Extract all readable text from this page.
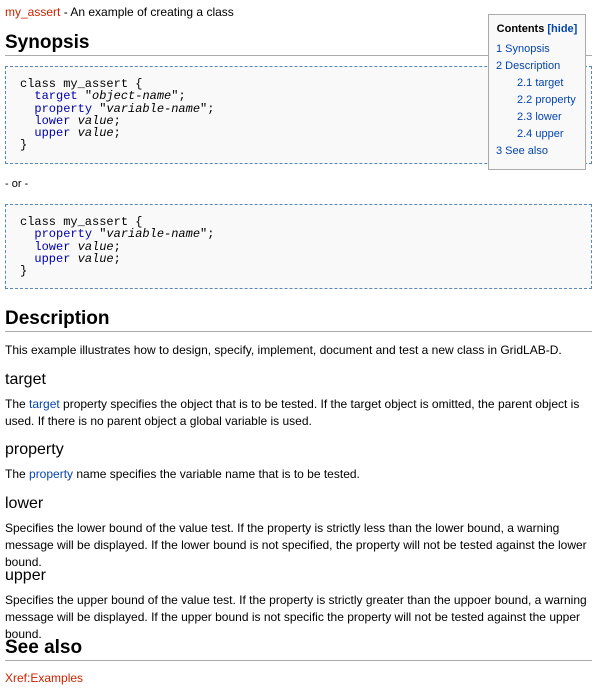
my_assert - An example of creating a class
Synopsis
class my_assert {
target "object-name";
property "variable-name";
lower value;
upper value;
}
- or -
class my_assert {
property "variable-name";
lower value;
upper value;
}
Description

This example illustrates how to design, specify, implement, document and test a new class in GridLAB-D.

target

The target property specifies the object that is to be tested. If the target object is omitted, the parent object is used. If there is no parent object a global variable is used.

property

The property name specifies the variable name that is to be tested.

lower

Specifies the lower bound of the value test. If the property is strictly less than the lower bound, a warning message will be displayed. If the lower bound is not specified, the property will not be tested against the lower bound.

upper

Specifies the upper bound of the value test. If the property is strictly greater than the uppoer bound, a warning message will be displayed. If the upper bound is not specific the property will not be tested against the upper bound.

See also
Xref:Examples
Contents [hide]
1 Synopsis
2 Description
2.1 target
2.2 property
2.3 lower
2.4 upper
3 See also
